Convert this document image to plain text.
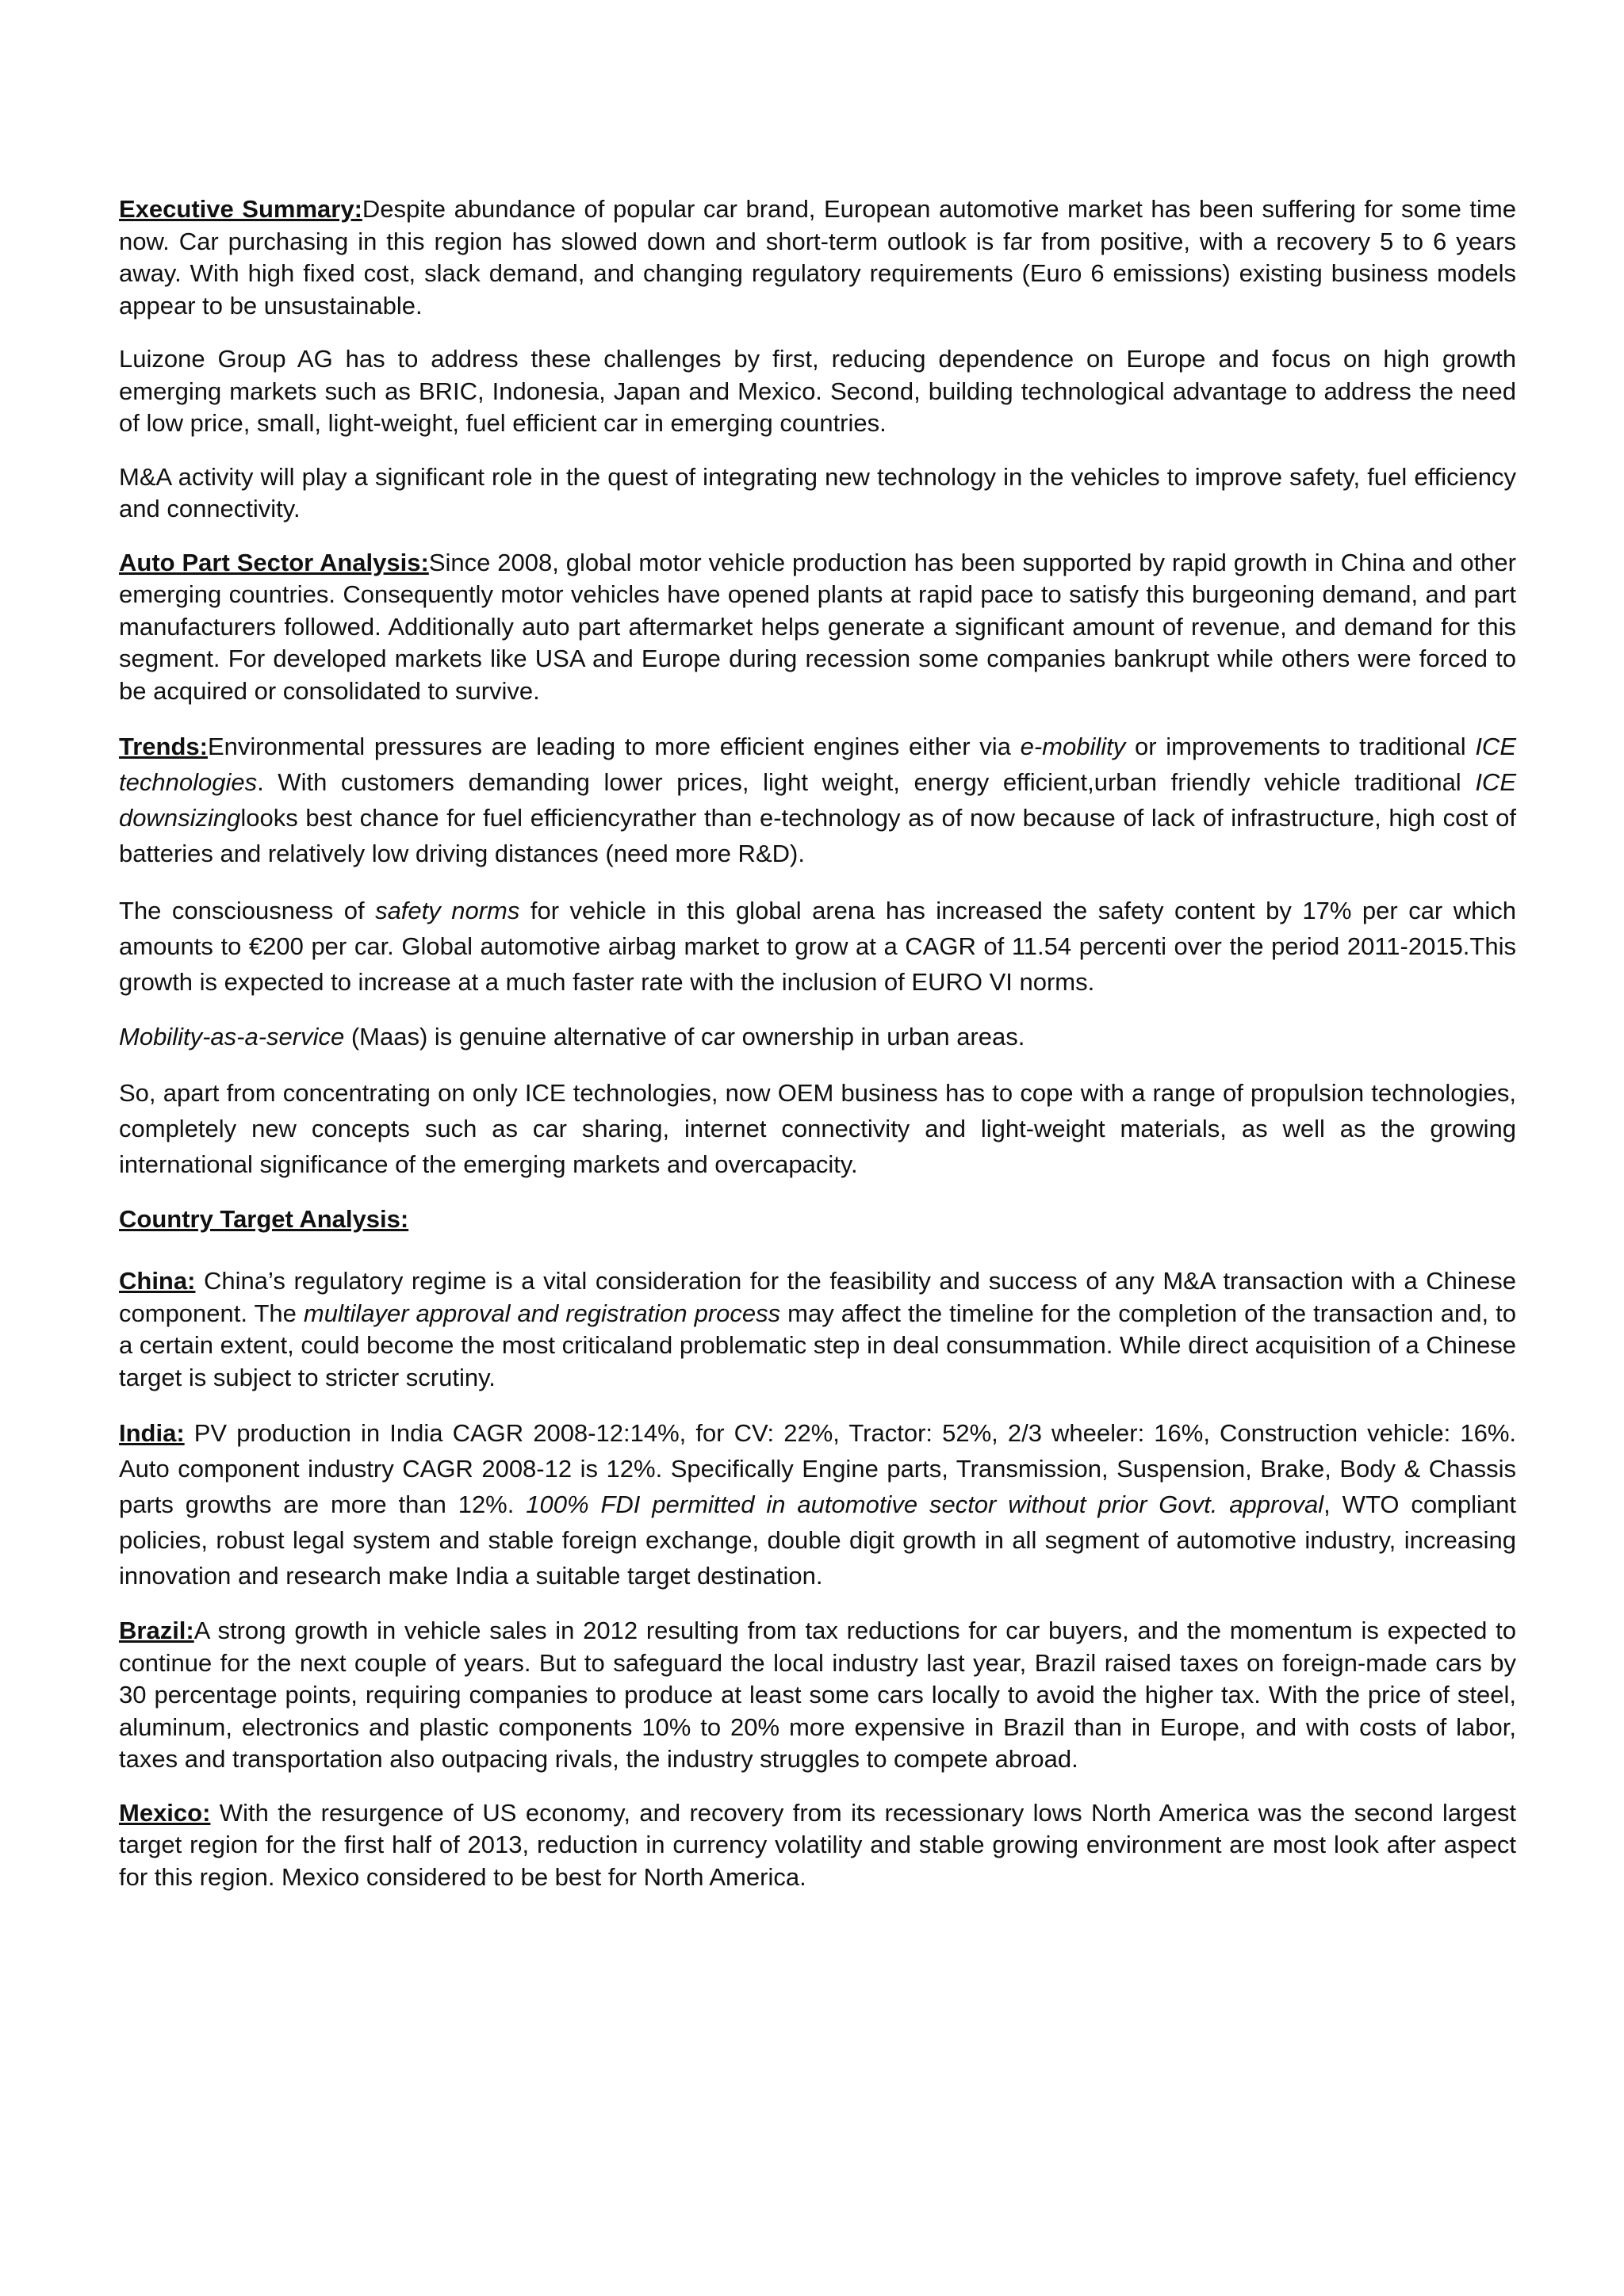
Executive Summary:Despite abundance of popular car brand, European automotive market has been suffering for some time now. Car purchasing in this region has slowed down and short-term outlook is far from positive, with a recovery 5 to 6 years away. With high fixed cost, slack demand, and changing regulatory requirements (Euro 6 emissions) existing business models appear to be unsustainable.

Luizone Group AG has to address these challenges by first, reducing dependence on Europe and focus on high growth emerging markets such as BRIC, Indonesia, Japan and Mexico. Second, building technological advantage to address the need of low price, small, light-weight, fuel efficient car in emerging countries.

M&A activity will play a significant role in the quest of integrating new technology in the vehicles to improve safety, fuel efficiency and connectivity.

Auto Part Sector Analysis:Since 2008, global motor vehicle production has been supported by rapid growth in China and other emerging countries. Consequently motor vehicles have opened plants at rapid pace to satisfy this burgeoning demand, and part manufacturers followed. Additionally auto part aftermarket helps generate a significant amount of revenue, and demand for this segment. For developed markets like USA and Europe during recession some companies bankrupt while others were forced to be acquired or consolidated to survive.

Trends:Environmental pressures are leading to more efficient engines either via e-mobility or improvements to traditional ICE technologies. With customers demanding lower prices, light weight, energy efficient,urban friendly vehicle traditional ICE downsizinglooks best chance for fuel efficiencyrather than e-technology as of now because of lack of infrastructure, high cost of batteries and relatively low driving distances (need more R&D).

The consciousness of safety norms for vehicle in this global arena has increased the safety content by 17% per car which amounts to €200 per car. Global automotive airbag market to grow at a CAGR of 11.54 percenti over the period 2011-2015.This growth is expected to increase at a much faster rate with the inclusion of EURO VI norms.

Mobility-as-a-service (Maas) is genuine alternative of car ownership in urban areas.

So, apart from concentrating on only ICE technologies, now OEM business has to cope with a range of propulsion technologies, completely new concepts such as car sharing, internet connectivity and light-weight materials, as well as the growing international significance of the emerging markets and overcapacity.

Country Target Analysis:

China: China’s regulatory regime is a vital consideration for the feasibility and success of any M&A transaction with a Chinese component. The multilayer approval and registration process may affect the timeline for the completion of the transaction and, to a certain extent, could become the most criticaland problematic step in deal consummation. While direct acquisition of a Chinese target is subject to stricter scrutiny.

India: PV production in India CAGR 2008-12:14%, for CV: 22%, Tractor: 52%, 2/3 wheeler: 16%, Construction vehicle: 16%. Auto component industry CAGR 2008-12 is 12%. Specifically Engine parts, Transmission, Suspension, Brake, Body & Chassis parts growths are more than 12%. 100% FDI permitted in automotive sector without prior Govt. approval, WTO compliant policies, robust legal system and stable foreign exchange, double digit growth in all segment of automotive industry, increasing innovation and research make India a suitable target destination.

Brazil:A strong growth in vehicle sales in 2012 resulting from tax reductions for car buyers, and the momentum is expected to continue for the next couple of years. But to safeguard the local industry last year, Brazil raised taxes on foreign-made cars by 30 percentage points, requiring companies to produce at least some cars locally to avoid the higher tax. With the price of steel, aluminum, electronics and plastic components 10% to 20% more expensive in Brazil than in Europe, and with costs of labor, taxes and transportation also outpacing rivals, the industry struggles to compete abroad.

Mexico: With the resurgence of US economy, and recovery from its recessionary lows North America was the second largest target region for the first half of 2013, reduction in currency volatility and stable growing environment are most look after aspect for this region. Mexico considered to be best for North America.
